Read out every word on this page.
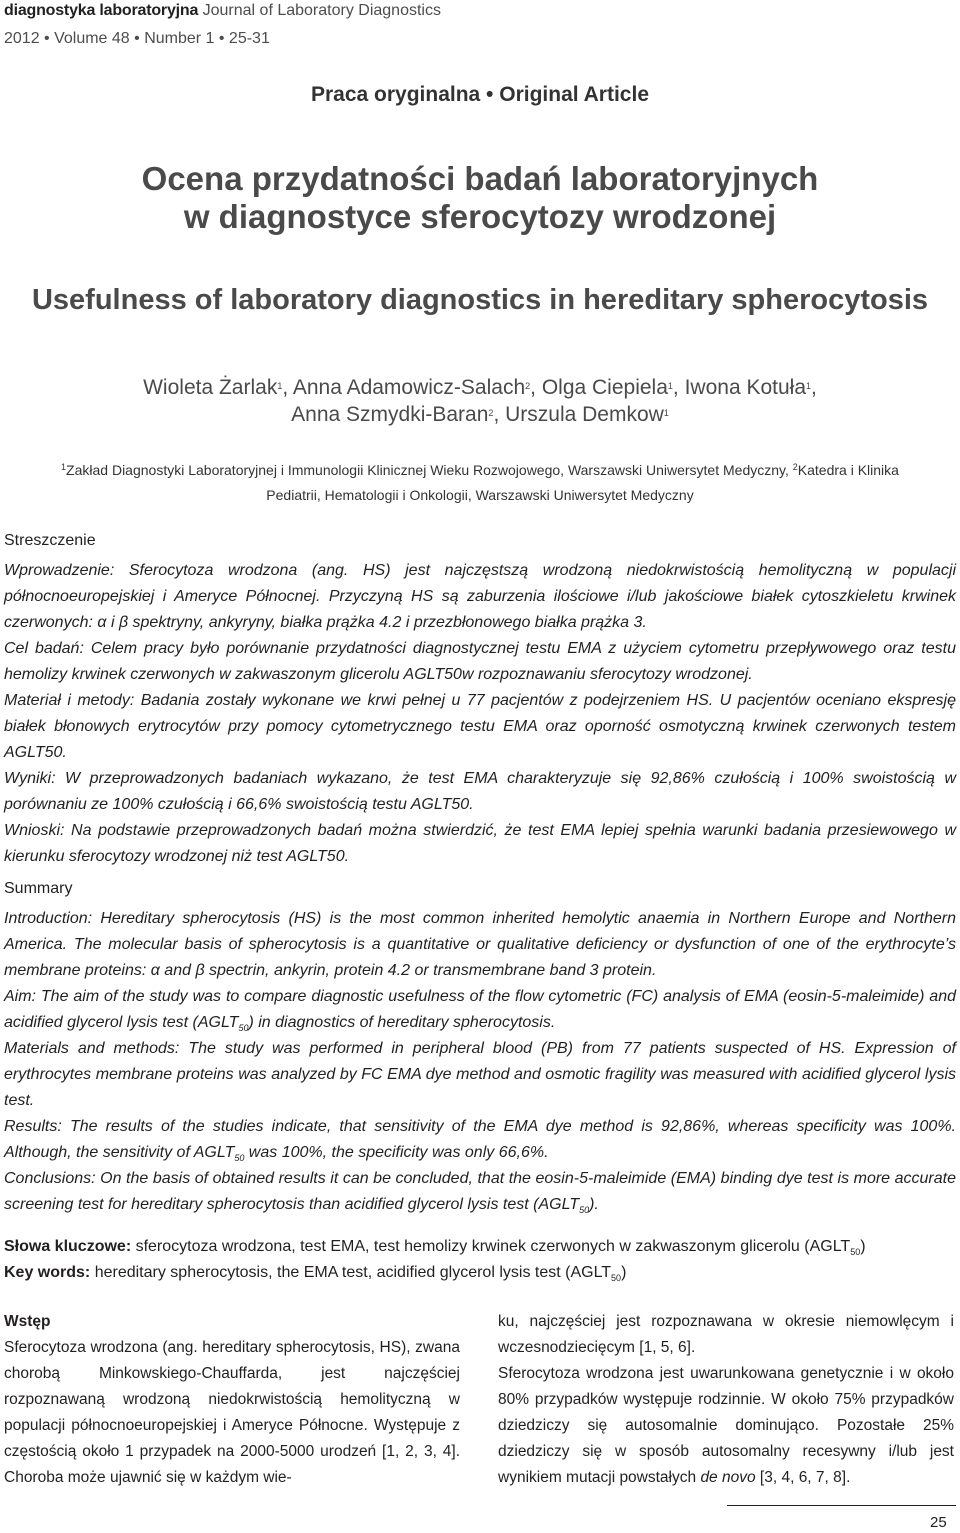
diagnostyka laboratoryjna Journal of Laboratory Diagnostics
2012 • Volume 48 • Number 1 • 25-31
Praca oryginalna • Original Article
Ocena przydatności badań laboratoryjnych
w diagnostyce sferocytozy wrodzonej
Usefulness of laboratory diagnostics in hereditary spherocytosis
Wioleta Żarlak$^1$, Anna Adamowicz-Salach$^2$, Olga Ciepiela$^1$, Iwona Kotuła$^1$,
Anna Szmydki-Baran$^2$, Urszula Demkow$^1$
$^1$Zakład Diagnostyki Laboratoryjnej i Immunologii Klinicznej Wieku Rozwojowego, Warszawski Uniwersytet Medyczny, $^2$Katedra i Klinika
Pediatrii, Hematologii i Onkologii, Warszawski Uniwersytet Medyczny

Streszczenie

Wprowadzenie: Sferocytoza wrodzona (ang. HS) jest najczęstszą wrodzoną niedokrwistością hemolityczną w populacji północnoeuropejskiej i Ameryce Północnej. Przyczyną HS są zaburzenia ilościowe i/lub jakościowe białek cytoszkieletu krwinek czerwonych: α i β spektryny, ankyryny, białka prążka 4.2 i przezbłonowego białka prążka 3.

Cel badań: Celem pracy było porównanie przydatności diagnostycznej testu EMA z użyciem cytometru przepływowego oraz testu hemolizy krwinek czerwonych w zakwaszonym glicerolu AGLT50w rozpoznawaniu sferocytozy wrodzonej.

Materiał i metody: Badania zostały wykonane we krwi pełnej u 77 pacjentów z podejrzeniem HS. U pacjentów oceniano ekspresję białek błonowych erytrocytów przy pomocy cytometrycznego testu EMA oraz oporność osmotyczną krwinek czerwonych testem AGLT50.

Wyniki: W przeprowadzonych badaniach wykazano, że test EMA charakteryzuje się 92,86% czułością i 100% swoistością w porównaniu ze 100% czułością i 66,6% swoistością testu AGLT50.

Wnioski: Na podstawie przeprowadzonych badań można stwierdzić, że test EMA lepiej spełnia warunki badania przesiewowego w kierunku sferocytozy wrodzonej niż test AGLT50.

Summary

Introduction: Hereditary spherocytosis (HS) is the most common inherited hemolytic anaemia in Northern Europe and Northern America. The molecular basis of spherocytosis is a quantitative or qualitative deficiency or dysfunction of one of the erythrocyte’s membrane proteins: α and β spectrin, ankyrin, protein 4.2 or transmembrane band 3 protein.

Aim: The aim of the study was to compare diagnostic usefulness of the flow cytometric (FC) analysis of EMA (eosin-5-maleimide) and acidified glycerol lysis test $(AGLT_{50})$ in diagnostics of hereditary spherocytosis.

Materials and methods: The study was performed in peripheral blood (PB) from 77 patients suspected of HS. Expression of erythrocytes membrane proteins was analyzed by FC EMA dye method and osmotic fragility was measured with acidified glycerol lysis test.

Results: The results of the studies indicate, that sensitivity of the EMA dye method is 92,86%, whereas specificity was 100%. Although, the sensitivity of $AGLT_{50}$ was 100%, the specificity was only 66,6%.

Conclusions: On the basis of obtained results it can be concluded, that the eosin-5-maleimide (EMA) binding dye test is more accurate screening test for hereditary spherocytosis than acidified glycerol lysis test $(AGLT_{50})$.

Słowa kluczowe: sferocytoza wrodzona, test EMA, test hemolizy krwinek czerwonych w zakwaszonym glicerolu $(AGLT_{50})$

Key words: hereditary spherocytosis, the EMA test, acidified glycerol lysis test $(AGLT_{50})$

Wstęp

Sferocytoza wrodzona (ang. hereditary spherocytosis, HS), zwana chorobą Minkowskiego-Chauffarda, jest najczęściej rozpoznawaną wrodzoną niedokrwistością hemolityczną w populacji północnoeuropejskiej i Ameryce Północne. Występuje z częstością około 1 przypadek na 2000-5000 urodzeń [1, 2, 3, 4]. Choroba może ujawnić się w każdym wie-

ku, najczęściej jest rozpoznawana w okresie niemowlęcym i wczesnodziecięcym [1, 5, 6].

Sferocytoza wrodzona jest uwarunkowana genetycznie i w około 80% przypadków występuje rodzinnie. W około 75% przypadków dziedziczy się autosomalnie dominująco. Pozostałe 25% dziedziczy się w sposób autosomalny recesywny i/lub jest wynikiem mutacji powstałych de novo [3, 4, 6, 7, 8].

25
